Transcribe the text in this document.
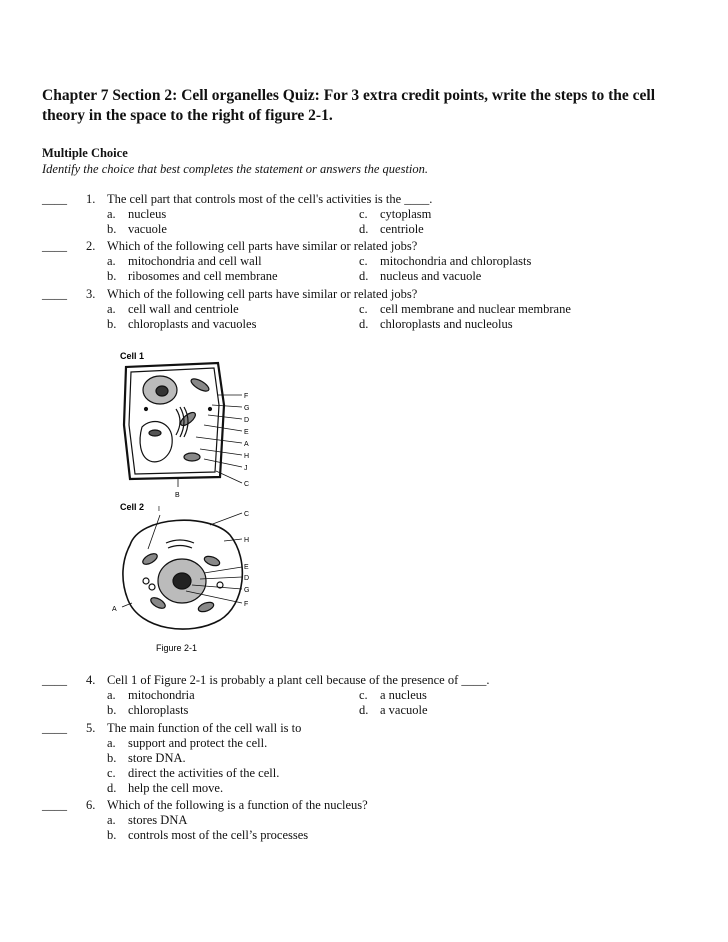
Chapter 7 Section 2: Cell organelles Quiz: For 3 extra credit points, write the steps to the cell theory in the space to the right of figure 2-1.
Multiple Choice
Identify the choice that best completes the statement or answers the question.
____ 1. The cell part that controls most of the cell's activities is the ____.
a. nucleus
b. vacuole
c. cytoplasm
d. centriole
____ 2. Which of the following cell parts have similar or related jobs?
a. mitochondria and cell wall
b. ribosomes and cell membrane
c. mitochondria and chloroplasts
d. nucleus and vacuole
____ 3. Which of the following cell parts have similar or related jobs?
a. cell wall and centriole
b. chloroplasts and vacuoles
c. cell membrane and nuclear membrane
d. chloroplasts and nucleolus
Cell 1
F
G
D
E
A
H
J
C
B
Cell 2 I
C
H
E
D
G
F
A
Figure 2-1
____ 4. Cell 1 of Figure 2-1 is probably a plant cell because of the presence of ____.
a. mitochondria
b. chloroplasts
c. a nucleus
d. a vacuole
____ 5. The main function of the cell wall is to
a. support and protect the cell.
b. store DNA.
c. direct the activities of the cell.
d. help the cell move.
____ 6. Which of the following is a function of the nucleus?
a. stores DNA
b. controls most of the cell’s processes
